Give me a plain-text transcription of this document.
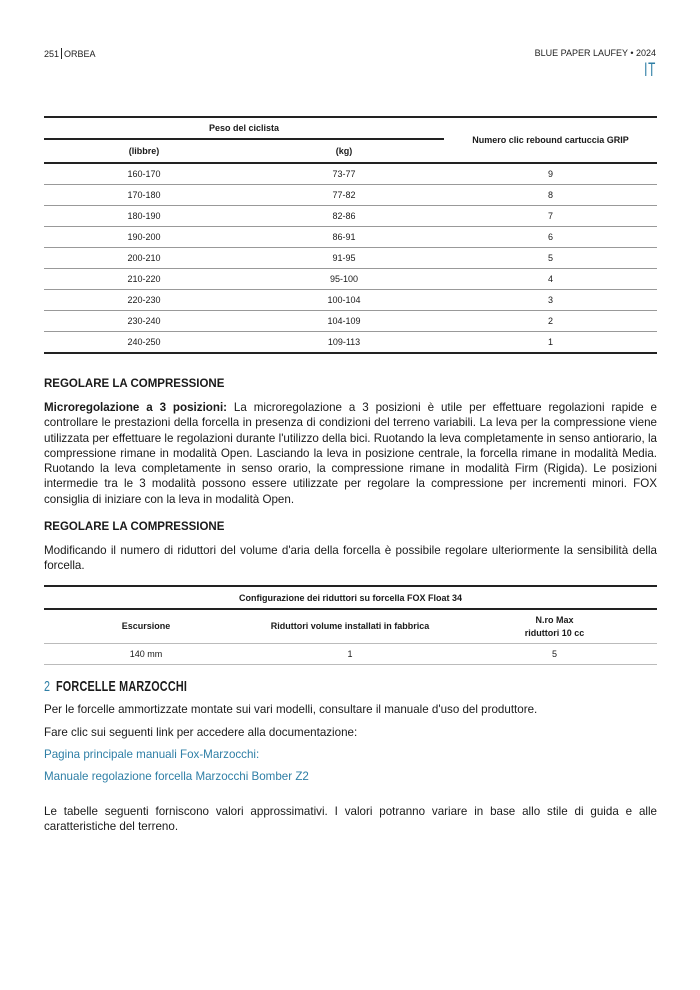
251 ORBEA	BLUE PAPER LAUFEY • 2024
IT
Peso del ciclista		Numero clic rebound cartuccia GRIP
(libbre)	(kg)	
160-170	73-77	9
170-180	77-82	8
180-190	82-86	7
190-200	86-91	6
200-210	91-95	5
210-220	95-100	4
220-230	100-104	3
230-240	104-109	2
240-250	109-113	1
REGOLARE LA COMPRESSIONE
Microregolazione a 3 posizioni: La microregolazione a 3 posizioni è utile per effettuare regolazioni rapide e controllare le prestazioni della forcella in presenza di condizioni del terreno variabili. La leva per la compressione viene utilizzata per effettuare le regolazioni durante l'utilizzo della bici. Ruotando la leva completamente in senso antiorario, la compressione rimane in modalità Open. Lasciando la leva in posizione centrale, la forcella rimane in modalità Media. Ruotando la leva completamente in senso orario, la compressione rimane in modalità Firm (Rigida). Le posizioni intermedie tra le 3 modalità possono essere utilizzate per regolare la compressione per incrementi minori. FOX consiglia di iniziare con la leva in modalità Open.
REGOLARE LA COMPRESSIONE
Modificando il numero di riduttori del volume d'aria della forcella è possibile regolare ulteriormente la sensibilità della forcella.
Configurazione dei riduttori su forcella FOX Float 34		
Escursione	Riduttori volume installati in fabbrica	N.ro Max
riduttori 10 cc
140 mm	1	5
2 FORCELLE MARZOCCHI
Per le forcelle ammortizzate montate sui vari modelli, consultare il manuale d'uso del produttore.
Fare clic sui seguenti link per accedere alla documentazione:
Pagina principale manuali Fox-Marzocchi:
Manuale regolazione forcella Marzocchi Bomber Z2
Le tabelle seguenti forniscono valori approssimativi. I valori potranno variare in base allo stile di guida e alle caratteristiche del terreno.
